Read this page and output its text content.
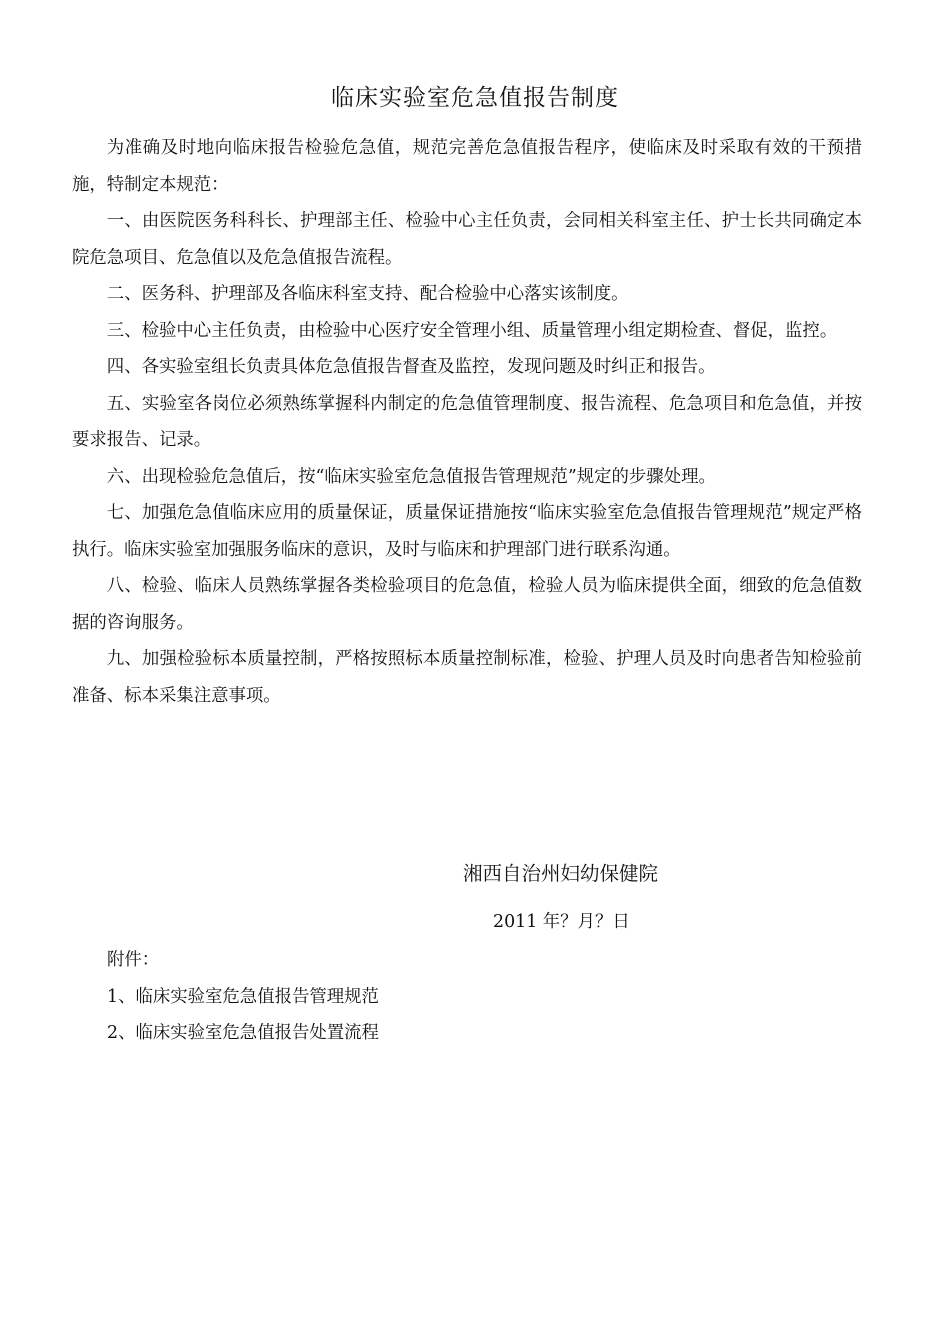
临床实验室危急值报告制度

为准确及时地向临床报告检验危急值，规范完善危急值报告程序，使临床及时采取有效的干预措施，特制定本规范：

一、由医院医务科科长、护理部主任、检验中心主任负责，会同相关科室主任、护士长共同确定本院危急项目、危急值以及危急值报告流程。

二、医务科、护理部及各临床科室支持、配合检验中心落实该制度。

三、检验中心主任负责，由检验中心医疗安全管理小组、质量管理小组定期检查、督促，监控。

四、各实验室组长负责具体危急值报告督查及监控，发现问题及时纠正和报告。

五、实验室各岗位必须熟练掌握科内制定的危急值管理制度、报告流程、危急项目和危急值，并按要求报告、记录。

六、出现检验危急值后，按“临床实验室危急值报告管理规范”规定的步骤处理。

七、加强危急值临床应用的质量保证，质量保证措施按“临床实验室危急值报告管理规范”规定严格执行。临床实验室加强服务临床的意识，及时与临床和护理部门进行联系沟通。

八、检验、临床人员熟练掌握各类检验项目的危急值，检验人员为临床提供全面，细致的危急值数据的咨询服务。

九、加强检验标本质量控制，严格按照标本质量控制标准，检验、护理人员及时向患者告知检验前准备、标本采集注意事项。

湘西自治州妇幼保健院
2011 年？月？日
附件：
1、临床实验室危急值报告管理规范
2、临床实验室危急值报告处置流程
